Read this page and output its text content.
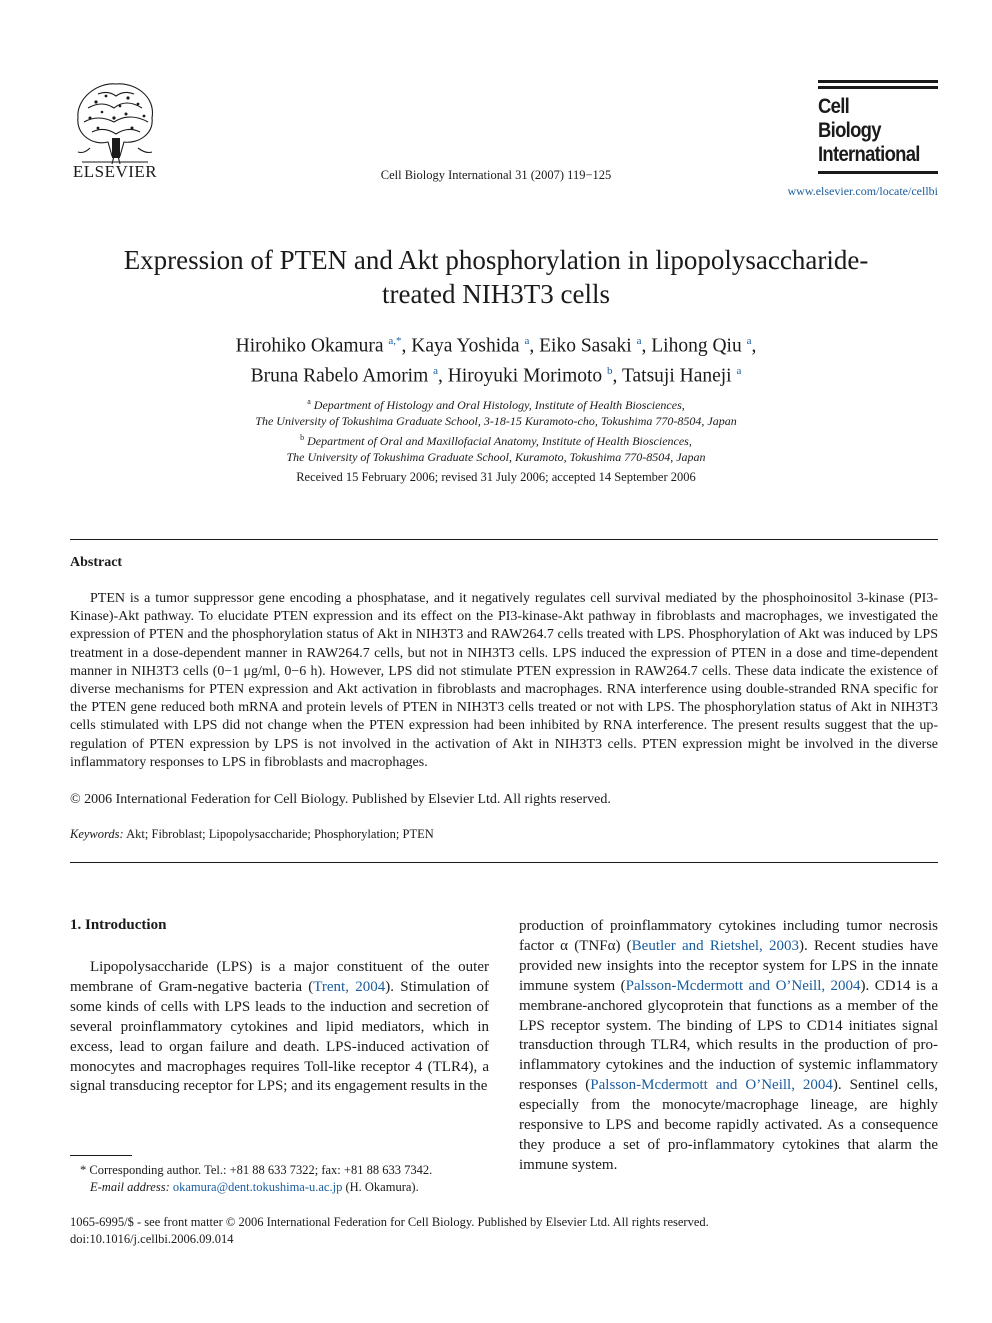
ELSEVIER	Cell Biology International 31 (2007) 119−125
Cell
Biology
International
www.elsevier.com/locate/cellbi
Expression of PTEN and Akt phosphorylation in lipopolysaccharide-treated NIH3T3 cells
Hirohiko Okamura $^{a,*}$, Kaya Yoshida $^a$, Eiko Sasaki $^a$, Lihong Qiu $^a$,
Bruna Rabelo Amorim $^a$, Hiroyuki Morimoto $^b$, Tatsuji Haneji $^a$
$^a$ Department of Histology and Oral Histology, Institute of Health Biosciences,
The University of Tokushima Graduate School, 3-18-15 Kuramoto-cho, Tokushima 770-8504, Japan
$^b$ Department of Oral and Maxillofacial Anatomy, Institute of Health Biosciences,
The University of Tokushima Graduate School, Kuramoto, Tokushima 770-8504, Japan
Received 15 February 2006; revised 31 July 2006; accepted 14 September 2006
Abstract
PTEN is a tumor suppressor gene encoding a phosphatase, and it negatively regulates cell survival mediated by the phosphoinositol 3-kinase (PI3-Kinase)-Akt pathway. To elucidate PTEN expression and its effect on the PI3-kinase-Akt pathway in fibroblasts and macrophages, we investigated the expression of PTEN and the phosphorylation status of Akt in NIH3T3 and RAW264.7 cells treated with LPS. Phosphorylation of Akt was induced by LPS treatment in a dose-dependent manner in RAW264.7 cells, but not in NIH3T3 cells. LPS induced the expression of PTEN in a dose and time-dependent manner in NIH3T3 cells (0−1 μg/ml, 0−6 h). However, LPS did not stimulate PTEN expression in RAW264.7 cells. These data indicate the existence of diverse mechanisms for PTEN expression and Akt activation in fibroblasts and macrophages. RNA interference using double-stranded RNA specific for the PTEN gene reduced both mRNA and protein levels of PTEN in NIH3T3 cells treated or not with LPS. The phosphorylation status of Akt in NIH3T3 cells stimulated with LPS did not change when the PTEN expression had been inhibited by RNA interference. The present results suggest that the up-regulation of PTEN expression by LPS is not involved in the activation of Akt in NIH3T3 cells. PTEN expression might be involved in the diverse inflammatory responses to LPS in fibroblasts and macrophages.
© 2006 International Federation for Cell Biology. Published by Elsevier Ltd. All rights reserved.
Keywords: Akt; Fibroblast; Lipopolysaccharide; Phosphorylation; PTEN
1. Introduction
Lipopolysaccharide (LPS) is a major constituent of the outer membrane of Gram-negative bacteria (Trent, 2004). Stimulation of some kinds of cells with LPS leads to the induction and secretion of several proinflammatory cytokines and lipid mediators, which in excess, lead to organ failure and death. LPS-induced activation of monocytes and macrophages requires Toll-like receptor 4 (TLR4), a signal transducing receptor for LPS; and its engagement results in the
production of proinflammatory cytokines including tumor necrosis factor α (TNFα) (Beutler and Rietshel, 2003). Recent studies have provided new insights into the receptor system for LPS in the innate immune system (Palsson-Mcdermott and O’Neill, 2004). CD14 is a membrane-anchored glycoprotein that functions as a member of the LPS receptor system. The binding of LPS to CD14 initiates signal transduction through TLR4, which results in the production of pro-inflammatory cytokines and the induction of systemic inflammatory responses (Palsson-Mcdermott and O’Neill, 2004). Sentinel cells, especially from the monocyte/macrophage lineage, are highly responsive to LPS and become rapidly activated. As a consequence they produce a set of pro-inflammatory cytokines that alarm the immune system.
* Corresponding author. Tel.: +81 88 633 7322; fax: +81 88 633 7342.
E-mail address: okamura@dent.tokushima-u.ac.jp (H. Okamura).
1065-6995/$ - see front matter © 2006 International Federation for Cell Biology. Published by Elsevier Ltd. All rights reserved.
doi:10.1016/j.cellbi.2006.09.014
